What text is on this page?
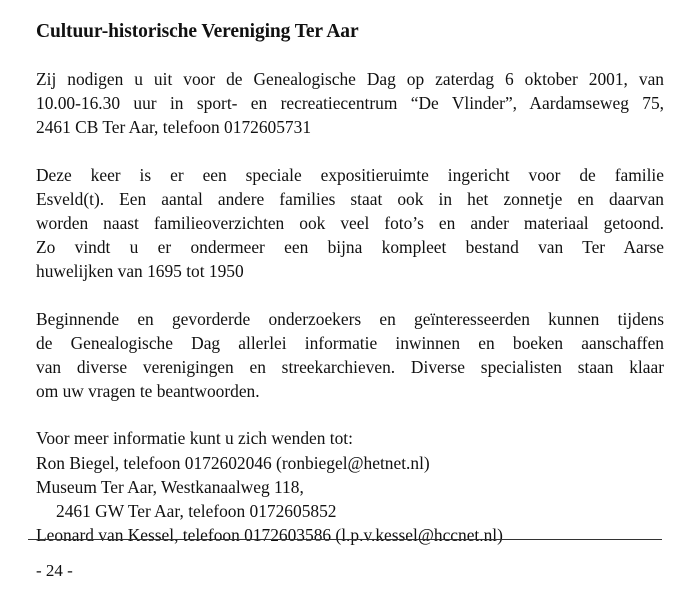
Cultuur-historische Vereniging Ter Aar

Zij nodigen u uit voor de Genealogische Dag op zaterdag 6 oktober 2001, van
10.00-16.30 uur in sport- en recreatiecentrum “De Vlinder”, Aardamseweg 75,
2461 CB Ter Aar, telefoon 0172605731

Deze keer is er een speciale expositieruimte ingericht voor de familie
Esveld(t). Een aantal andere families staat ook in het zonnetje en daarvan
worden naast familieoverzichten ook veel foto’s en ander materiaal getoond.
Zo vindt u er ondermeer een bijna kompleet bestand van Ter Aarse
huwelijken van 1695 tot 1950

Beginnende en gevorderde onderzoekers en geïnteresseerden kunnen tijdens
de Genealogische Dag allerlei informatie inwinnen en boeken aanschaffen
van diverse verenigingen en streekarchieven. Diverse specialisten staan klaar
om uw vragen te beantwoorden.

Voor meer informatie kunt u zich wenden tot:
Ron Biegel, telefoon 0172602046 (ronbiegel@hetnet.nl)
Museum Ter Aar, Westkanaalweg 118,
2461 GW Ter Aar, telefoon 0172605852
Leonard van Kessel, telefoon 0172603586 (l.p.v.kessel@hccnet.nl)

- 24 -
